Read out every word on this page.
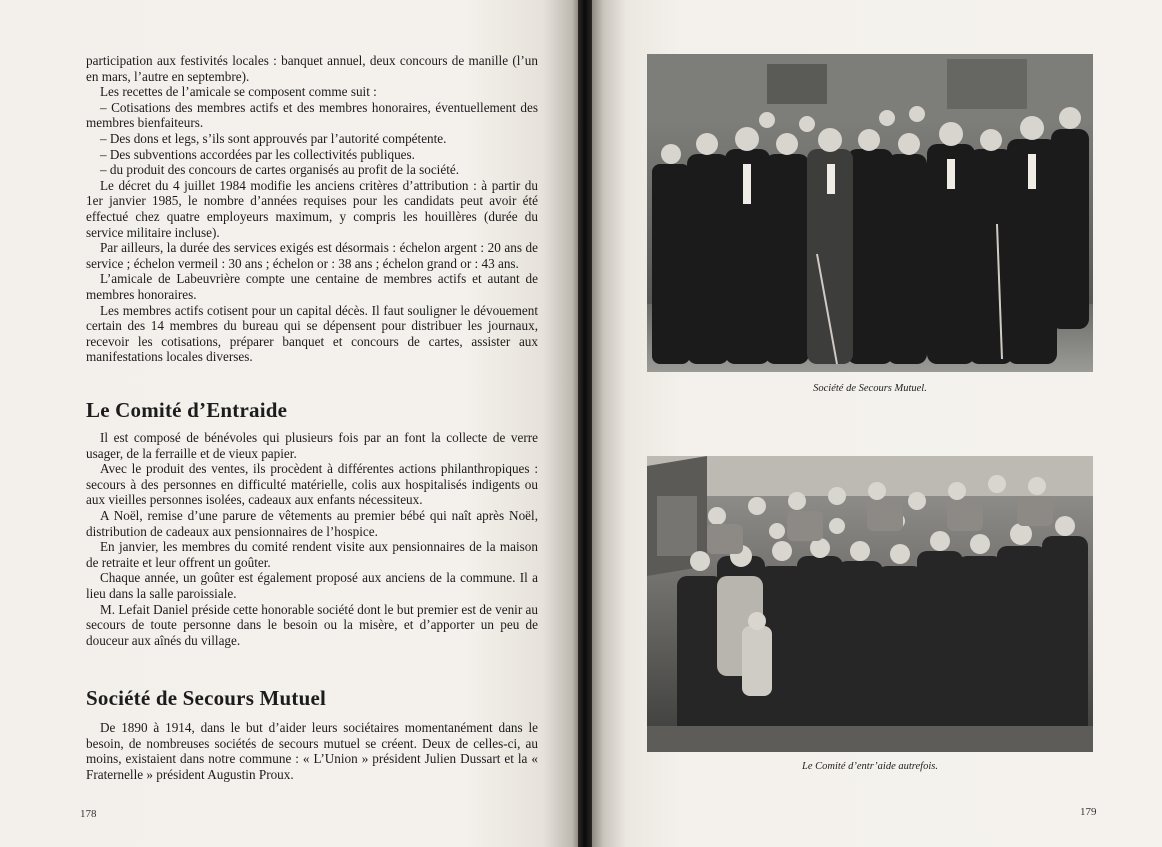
participation aux festivités locales : banquet annuel, deux concours de manille (l’un en mars, l’autre en septembre).

Les recettes de l’amicale se composent comme suit :

– Cotisations des membres actifs et des membres honoraires, éventuellement des membres bienfaiteurs.

– Des dons et legs, s’ils sont approuvés par l’autorité compétente.

– Des subventions accordées par les collectivités publiques.

– du produit des concours de cartes organisés au profit de la société.

Le décret du 4 juillet 1984 modifie les anciens critères d’attribution : à partir du 1er janvier 1985, le nombre d’années requises pour les candidats peut avoir été effectué chez quatre employeurs maximum, y compris les houillères (durée du service militaire incluse).

Par ailleurs, la durée des services exigés est désormais : échelon argent : 20 ans de service ; échelon vermeil : 30 ans ; échelon or : 38 ans ; échelon grand or : 43 ans.

L’amicale de Labeuvrière compte une centaine de membres actifs et autant de membres honoraires.

Les membres actifs cotisent pour un capital décès. Il faut souligner le dévouement certain des 14 membres du bureau qui se dépensent pour distribuer les journaux, recevoir les cotisations, préparer banquet et concours de cartes, assister aux manifestations locales diverses.

Le Comité d’Entraide

Il est composé de bénévoles qui plusieurs fois par an font la collecte de verre usager, de la ferraille et de vieux papier.

Avec le produit des ventes, ils procèdent à différentes actions philanthropiques : secours à des personnes en difficulté matérielle, colis aux hospitalisés indigents ou aux vieilles personnes isolées, cadeaux aux enfants nécessiteux.

A Noël, remise d’une parure de vêtements au premier bébé qui naît après Noël, distribution de cadeaux aux pensionnaires de l’hospice.

En janvier, les membres du comité rendent visite aux pensionnaires de la maison de retraite et leur offrent un goûter.

Chaque année, un goûter est également proposé aux anciens de la commune. Il a lieu dans la salle paroissiale.

M. Lefait Daniel préside cette honorable société dont le but premier est de venir au secours de toute personne dans le besoin ou la misère, et d’apporter un peu de douceur aux aînés du village.

Société de Secours Mutuel

De 1890 à 1914, dans le but d’aider leurs sociétaires momentanément dans le besoin, de nombreuses sociétés de secours mutuel se créent. Deux de celles-ci, au moins, existaient dans notre commune : « L’Union » président Julien Dussart et la « Fraternelle » président Augustin Proux.

178
Société de Secours Mutuel.
Le Comité d’entr’aide autrefois.
179
